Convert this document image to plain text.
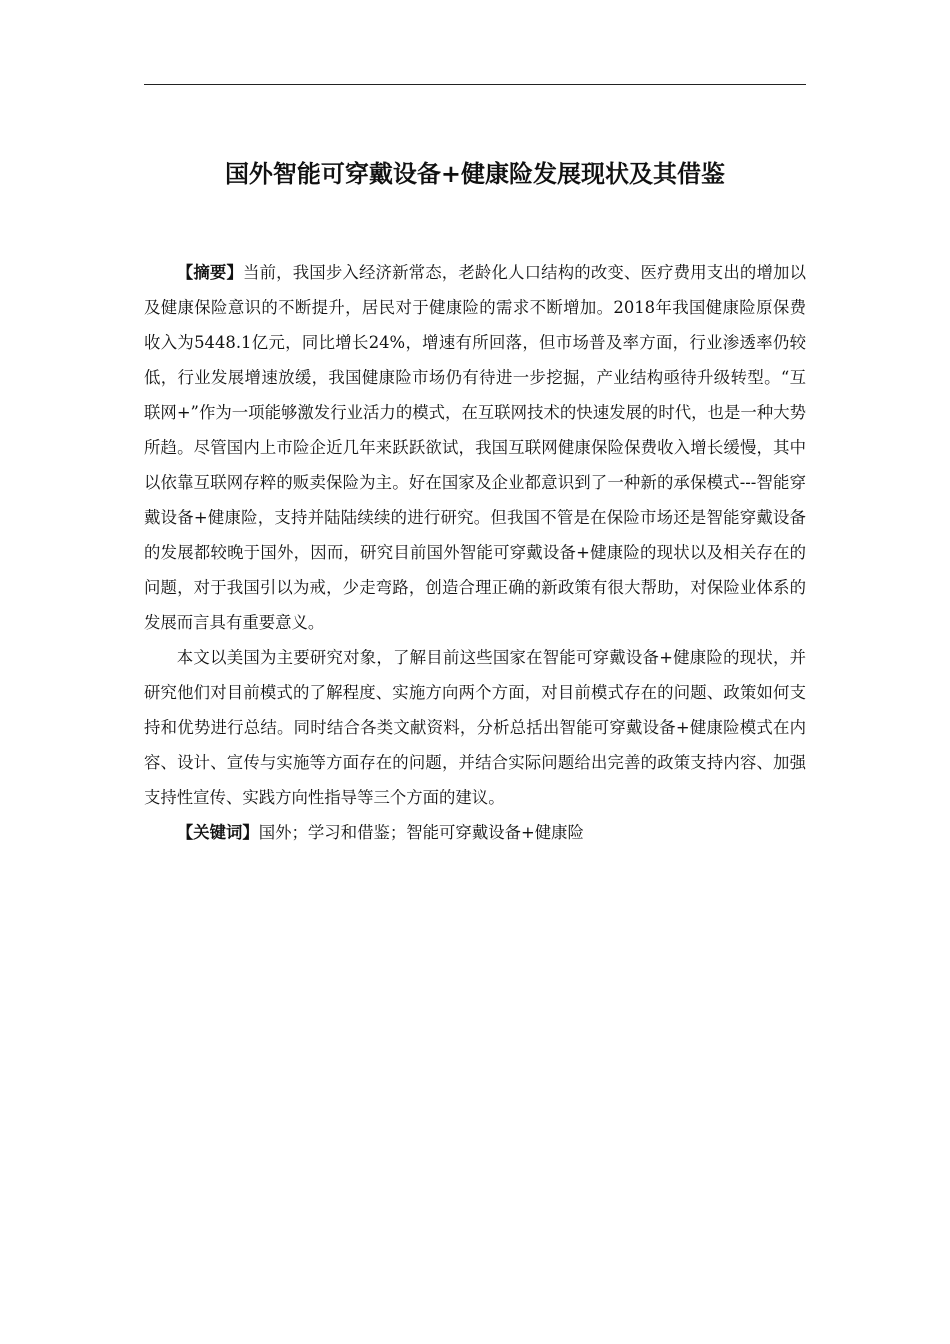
国外智能可穿戴设备+健康险发展现状及其借鉴

【摘要】当前，我国步入经济新常态，老龄化人口结构的改变、医疗费用支出的增加以及健康保险意识的不断提升，居民对于健康险的需求不断增加。2018年我国健康险原保费收入为5448.1亿元，同比增长24%，增速有所回落，但市场普及率方面，行业渗透率仍较低，行业发展增速放缓，我国健康险市场仍有待进一步挖掘，产业结构亟待升级转型。“互联网+”作为一项能够激发行业活力的模式，在互联网技术的快速发展的时代，也是一种大势所趋。尽管国内上市险企近几年来跃跃欲试，我国互联网健康保险保费收入增长缓慢，其中以依靠互联网存粹的贩卖保险为主。好在国家及企业都意识到了一种新的承保模式---智能穿戴设备+健康险，支持并陆陆续续的进行研究。但我国不管是在保险市场还是智能穿戴设备的发展都较晚于国外，因而，研究目前国外智能可穿戴设备+健康险的现状以及相关存在的问题，对于我国引以为戒，少走弯路，创造合理正确的新政策有很大帮助，对保险业体系的发展而言具有重要意义。

本文以美国为主要研究对象，了解目前这些国家在智能可穿戴设备+健康险的现状，并研究他们对目前模式的了解程度、实施方向两个方面，对目前模式存在的问题、政策如何支持和优势进行总结。同时结合各类文献资料，分析总括出智能可穿戴设备+健康险模式在内容、设计、宣传与实施等方面存在的问题，并结合实际问题给出完善的政策支持内容、加强支持性宣传、实践方向性指导等三个方面的建议。

【关键词】国外；学习和借鉴；智能可穿戴设备+健康险
